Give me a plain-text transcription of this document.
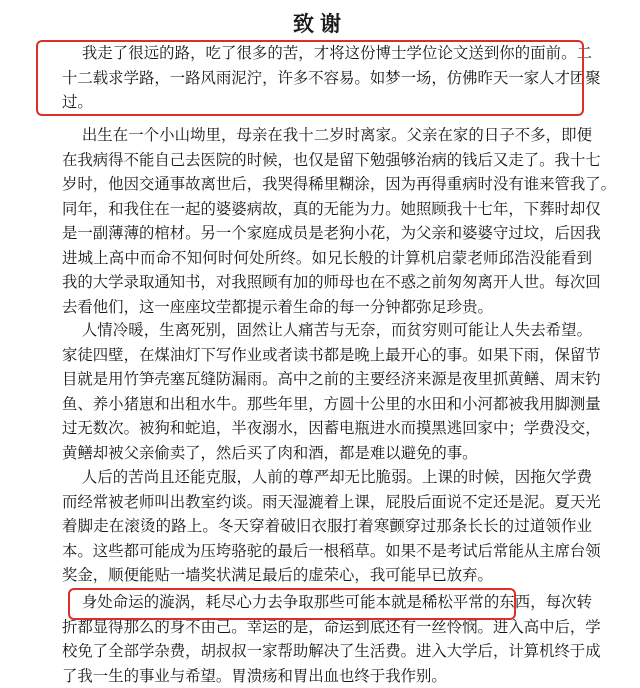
致谢
我走了很远的路，吃了很多的苦，才将这份博士学位论文送到你的面前。二
十二载求学路，一路风雨泥泞，许多不容易。如梦一场，仿佛昨天一家人才团聚
过。
出生在一个小山坳里，母亲在我十二岁时离家。父亲在家的日子不多，即便
在我病得不能自己去医院的时候，也仅是留下勉强够治病的钱后又走了。我十七
岁时，他因交通事故离世后，我哭得稀里糊涂，因为再得重病时没有谁来管我了。
同年，和我住在一起的婆婆病故，真的无能为力。她照顾我十七年，下葬时却仅
是一副薄薄的棺材。另一个家庭成员是老狗小花，为父亲和婆婆守过坟，后因我
进城上高中而命不知何时何处所终。如兄长般的计算机启蒙老师邱浩没能看到
我的大学录取通知书，对我照顾有加的师母也在不惑之前匆匆离开人世。每次回
去看他们，这一座座坟茔都提示着生命的每一分钟都弥足珍贵。
人情冷暖，生离死别，固然让人痛苦与无奈，而贫穷则可能让人失去希望。
家徒四壁，在煤油灯下写作业或者读书都是晚上最开心的事。如果下雨，保留节
目就是用竹笋壳塞瓦缝防漏雨。高中之前的主要经济来源是夜里抓黄鳝、周末钓
鱼、养小猪崽和出租水牛。那些年里，方圆十公里的水田和小河都被我用脚测量
过无数次。被狗和蛇追，半夜溺水，因蓄电瓶进水而摸黑逃回家中；学费没交，
黄鳝却被父亲偷卖了，然后买了肉和酒，都是难以避免的事。
人后的苦尚且还能克服，人前的尊严却无比脆弱。上课的时候，因拖欠学费
而经常被老师叫出教室约谈。雨天湿漉着上课，屁股后面说不定还是泥。夏天光
着脚走在滚烫的路上。冬天穿着破旧衣服打着寒颤穿过那条长长的过道领作业
本。这些都可能成为压垮骆驼的最后一根稻草。如果不是考试后常能从主席台领
奖金，顺便能贴一墙奖状满足最后的虚荣心，我可能早已放弃。
身处命运的漩涡，耗尽心力去争取那些可能本就是稀松平常的东西，每次转
折都显得那么的身不由己。幸运的是，命运到底还有一丝怜悯。进入高中后，学
校免了全部学杂费，胡叔叔一家帮助解决了生活费。进入大学后，计算机终于成
了我一生的事业与希望。胃溃疡和胃出血也终于我作别。
